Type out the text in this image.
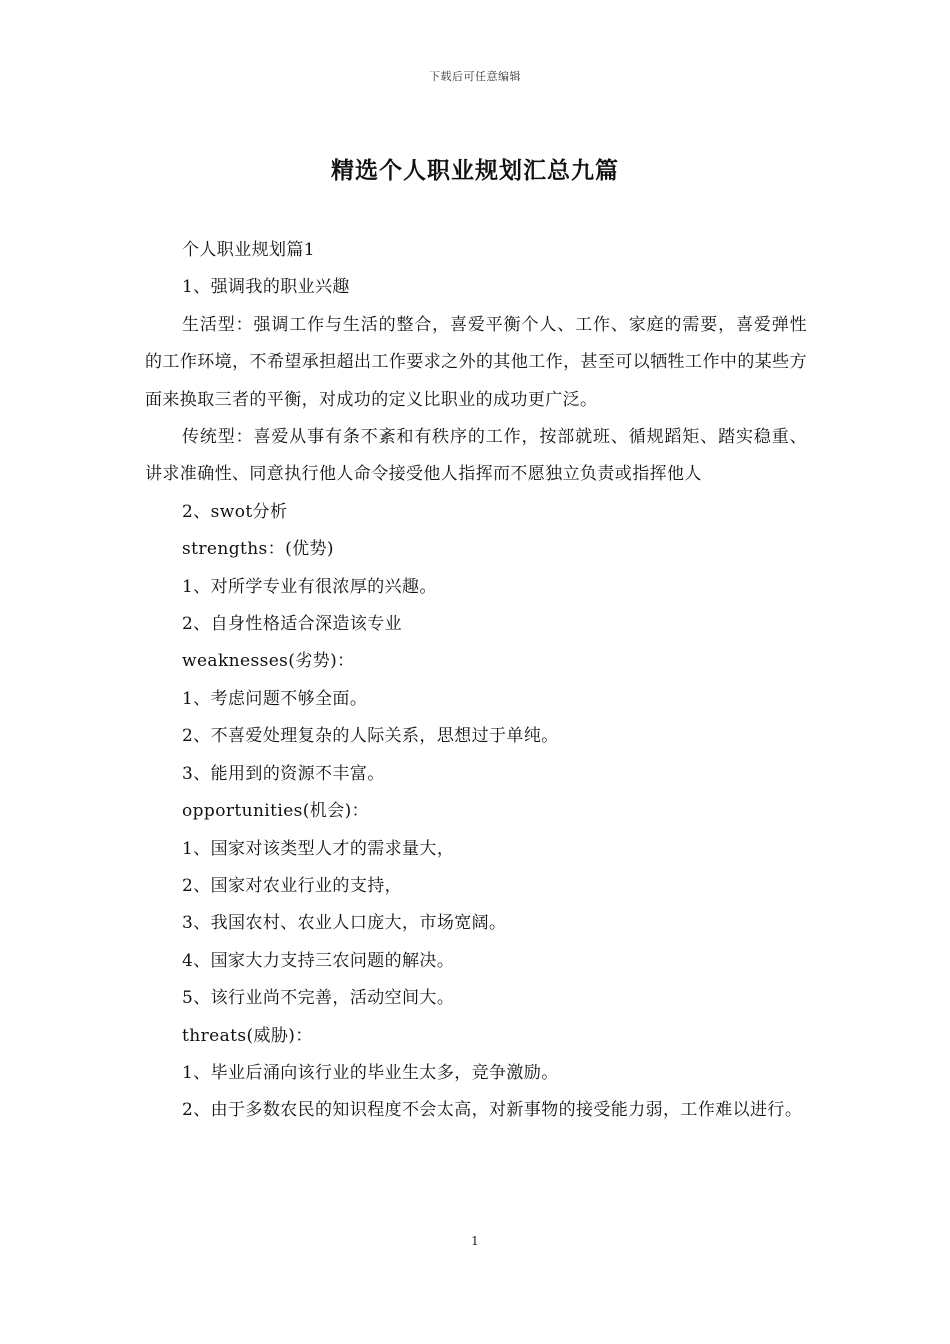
下载后可任意编辑
精选个人职业规划汇总九篇

个人职业规划篇1

1、强调我的职业兴趣

生活型：强调工作与生活的整合，喜爱平衡个人、工作、家庭的需要，喜爱弹性的工作环境，不希望承担超出工作要求之外的其他工作，甚至可以牺牲工作中的某些方面来换取三者的平衡，对成功的定义比职业的成功更广泛。

传统型：喜爱从事有条不紊和有秩序的工作，按部就班、循规蹈矩、踏实稳重、讲求准确性、同意执行他人命令接受他人指挥而不愿独立负责或指挥他人

2、swot分析

strengths：(优势)

1、对所学专业有很浓厚的兴趣。

2、自身性格适合深造该专业

weaknesses(劣势)：

1、考虑问题不够全面。

2、不喜爱处理复杂的人际关系，思想过于单纯。

3、能用到的资源不丰富。

opportunities(机会)：

1、国家对该类型人才的需求量大，

2、国家对农业行业的支持，

3、我国农村、农业人口庞大，市场宽阔。

4、国家大力支持三农问题的解决。

5、该行业尚不完善，活动空间大。

threats(威胁)：

1、毕业后涌向该行业的毕业生太多，竞争激励。

2、由于多数农民的知识程度不会太高，对新事物的接受能力弱，工作难以进行。

1
